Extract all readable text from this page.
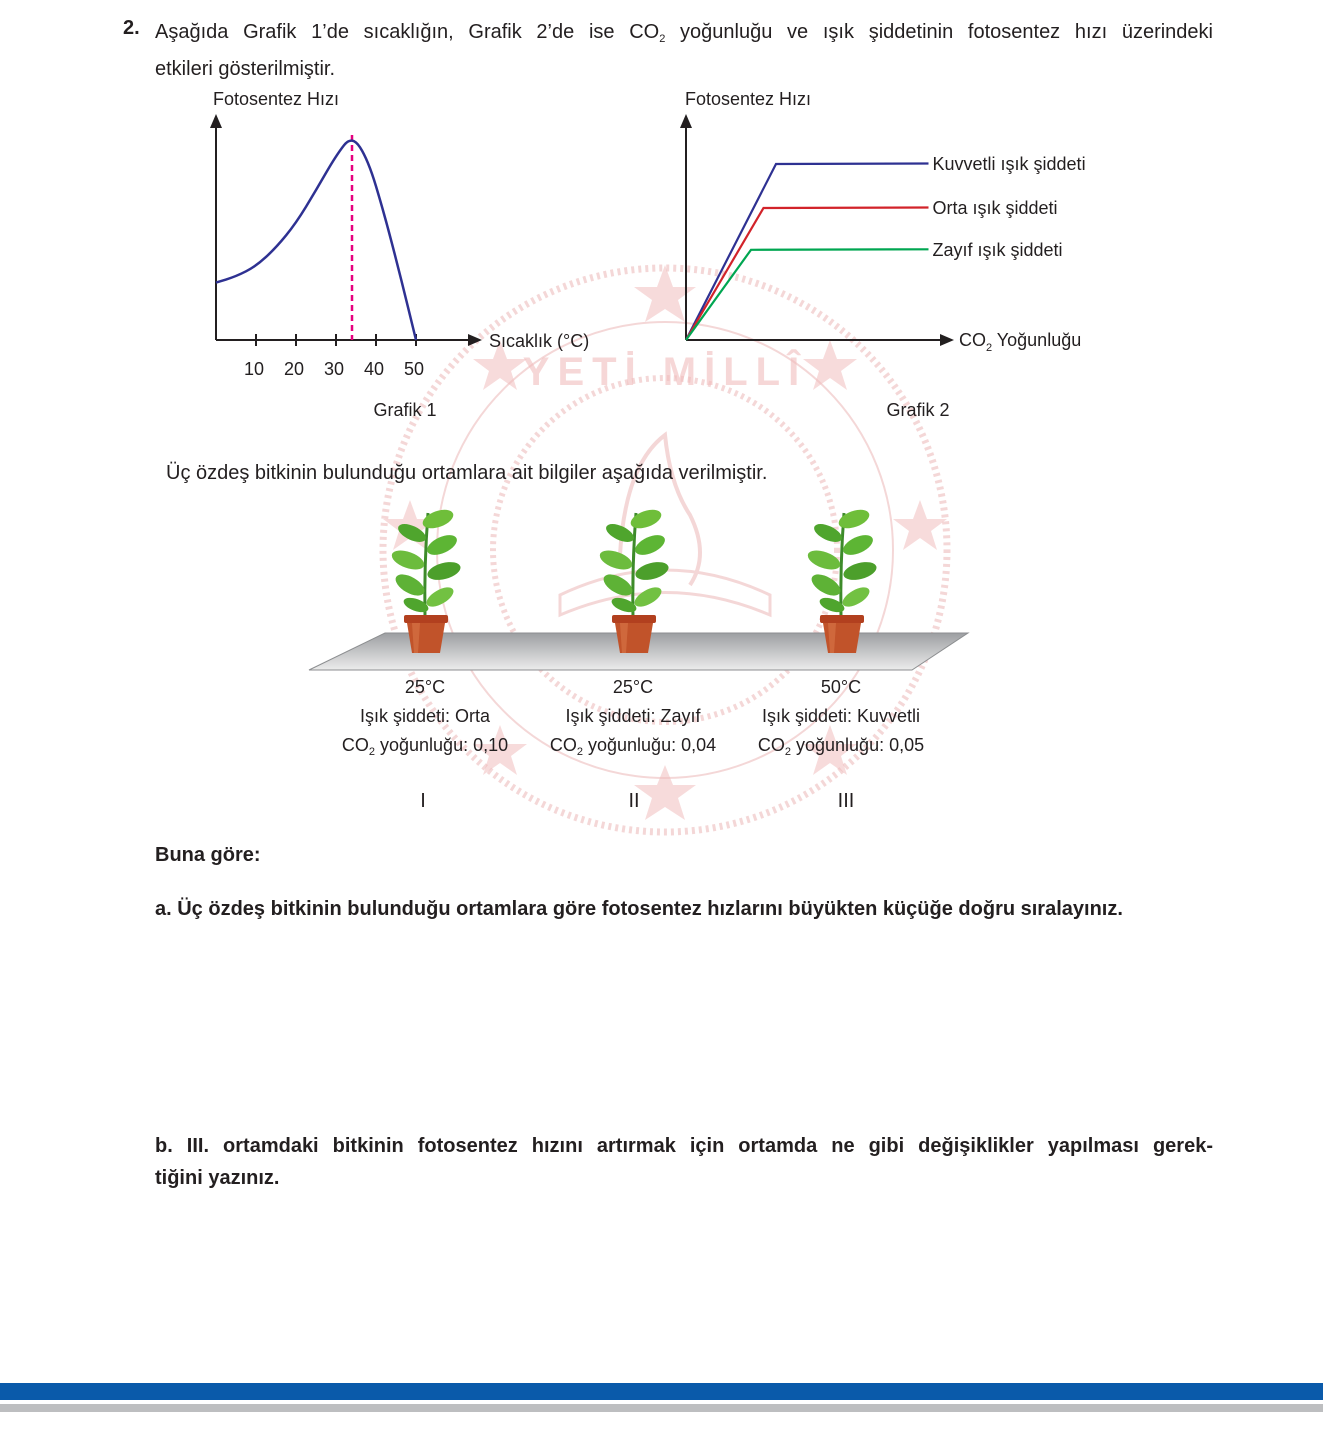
YETİ MİLLÎ
2. Aşağıda Grafik 1’de sıcaklığın, Grafik 2’de ise $CO_2$ yoğunluğu ve ışık şiddetinin fotosentez hızı üzerindeki
etkileri gösterilmiştir.
Fotosentez Hızı
Sıcaklık (°C)
10 20 30 40 50
Grafik 1
Fotosentez Hızı
$CO_2$ Yoğunluğu
Kuvvetli ışık şiddeti
Orta ışık şiddeti
Zayıf ışık şiddeti
Grafik 2
Üç özdeş bitkinin bulunduğu ortamlara ait bilgiler aşağıda verilmiştir.
25°C
Işık şiddeti: Orta
$CO_2$ yoğunluğu: 0,10
25°C
Işık şiddeti: Zayıf
$CO_2$ yoğunluğu: 0,04
50°C
Işık şiddeti: Kuvvetli
$CO_2$ yoğunluğu: 0,05
I	II	III
Buna göre:
a. Üç özdeş bitkinin bulunduğu ortamlara göre fotosentez hızlarını büyükten küçüğe doğru sıralayınız.
b. III. ortamdaki bitkinin fotosentez hızını artırmak için ortamda ne gibi değişiklikler yapılması gerek-
tiğini yazınız.
